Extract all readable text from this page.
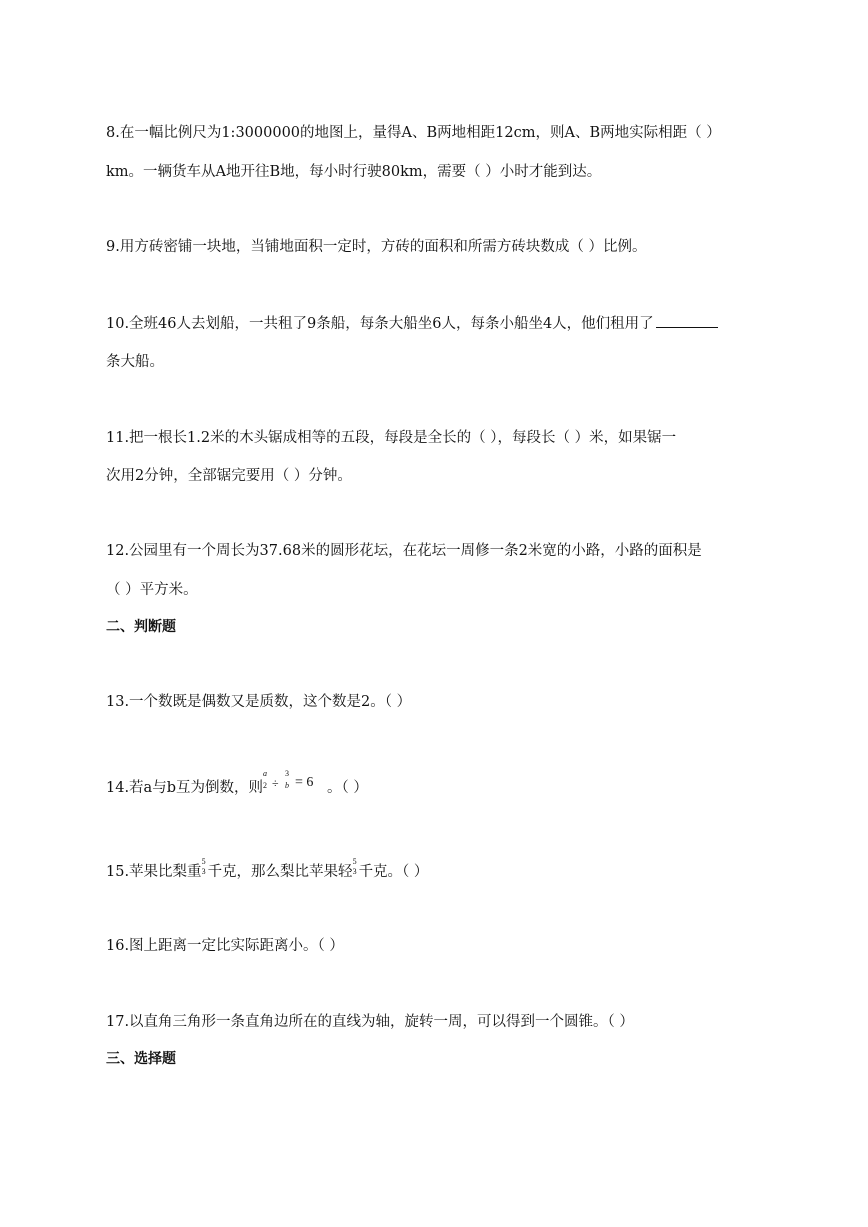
8.在一幅比例尺为1:3000000的地图上，量得A、B两地相距12cm，则A、B两地实际相距（ ）
km。一辆货车从A地开往B地，每小时行驶80km，需要（ ）小时才能到达。
9.用方砖密铺一块地，当铺地面积一定时，方砖的面积和所需方砖块数成（ ）比例。
10.全班46人去划船，一共租了9条船，每条大船坐6人，每条小船坐4人，他们租用了
条大船。
11.把一根长1.2米的木头锯成相等的五段，每段是全长的（ ），每段长（ ）米，如果锯一
次用2分钟，全部锯完要用（ ）分钟。
12.公园里有一个周长为37.68米的圆形花坛，在花坛一周修一条2米宽的小路，小路的面积是
（ ）平方米。
二、判断题
13.一个数既是偶数又是质数，这个数是2。（ ）
14.若a与b互为倒数，则
a
2 ÷
3
b = 6 。（ ）
15.苹果比梨重
5
3 千克，那么梨比苹果轻
5
3 千克。（ ）
16.图上距离一定比实际距离小。（ ）
17.以直角三角形一条直角边所在的直线为轴，旋转一周，可以得到一个圆锥。（ ）
三、选择题
